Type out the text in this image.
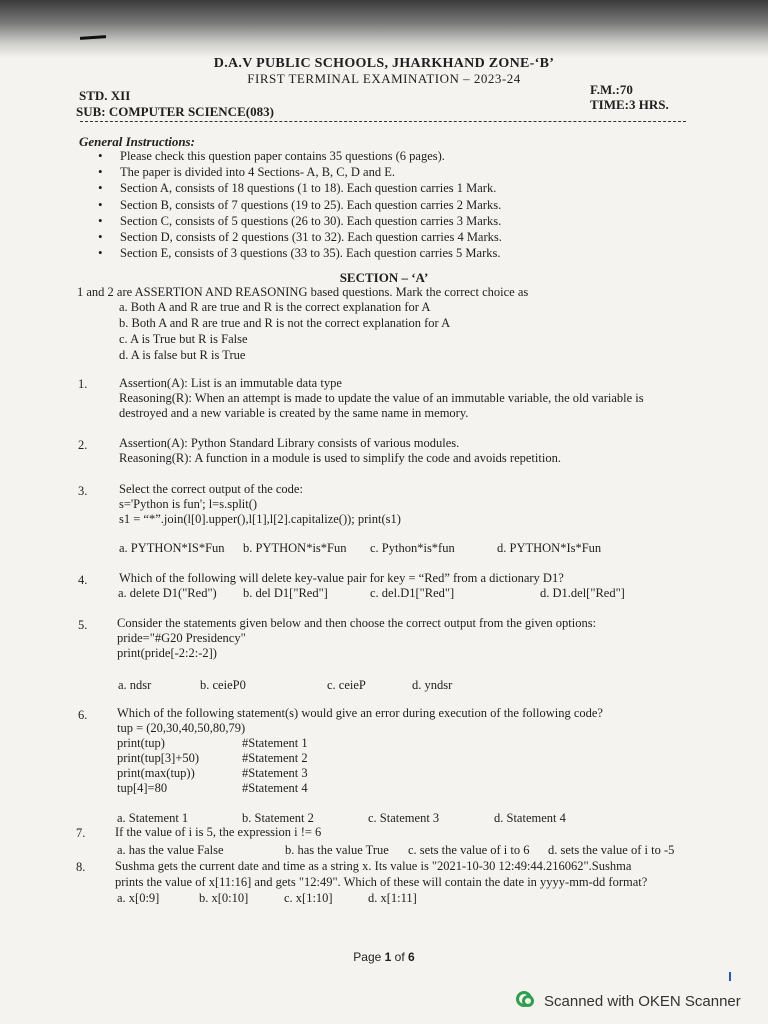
D.A.V PUBLIC SCHOOLS, JHARKHAND ZONE-‘B’
FIRST TERMINAL EXAMINATION – 2023-24
STD. XII
SUB: COMPUTER SCIENCE(083)
F.M.:70
TIME:3 HRS.
General Instructions:
• Please check this question paper contains 35 questions (6 pages).
• The paper is divided into 4 Sections- A, B, C, D and E.
• Section A, consists of 18 questions (1 to 18). Each question carries 1 Mark.
• Section B, consists of 7 questions (19 to 25). Each question carries 2 Marks.
• Section C, consists of 5 questions (26 to 30). Each question carries 3 Marks.
• Section D, consists of 2 questions (31 to 32). Each question carries 4 Marks.
• Section E, consists of 3 questions (33 to 35). Each question carries 5 Marks.
SECTION – ‘A’
1 and 2 are ASSERTION AND REASONING based questions. Mark the correct choice as
a. Both A and R are true and R is the correct explanation for A
b. Both A and R are true and R is not the correct explanation for A
c. A is True but R is False
d. A is false but R is True
1.	Assertion(A): List is an immutable data type
Reasoning(R): When an attempt is made to update the value of an immutable variable, the old variable is
destroyed and a new variable is created by the same name in memory.
2.	Assertion(A): Python Standard Library consists of various modules.
Reasoning(R): A function in a module is used to simplify the code and avoids repetition.
3.	Select the correct output of the code:
s='Python is fun'; l=s.split()
s1 = “*”.join(l[0].upper(),l[1],l[2].capitalize()); print(s1)
a. PYTHON*IS*Fun b. PYTHON*is*Fun c. Python*is*fun	d. PYTHON*Is*Fun
4.	Which of the following will delete key-value pair for key = “Red” from a dictionary D1?
a. delete D1("Red") b. del D1["Red"]	c. del.D1["Red"]	d. D1.del["Red"]
5. Consider the statements given below and then choose the correct output from the given options:
pride="#G20 Presidency"
print(pride[-2:2:-2])
a. ndsr	b. ceieP0	c. ceieP	d. yndsr
6. Which of the following statement(s) would give an error during execution of the following code?
tup = (20,30,40,50,80,79)
print(tup)	#Statement 1
print(tup[3]+50)	#Statement 2
print(max(tup))	#Statement 3
tup[4]=80	#Statement 4
a. Statement 1	b. Statement 2	c. Statement 3	d. Statement 4
7. If the value of i is 5, the expression i != 6
a. has the value False	b. has the value True c. sets the value of i to 6 d. sets the value of i to -5
8. Sushma gets the current date and time as a string x. Its value is "2021-10-30 12:49:44.216062".Sushma
prints the value of x[11:16] and gets "12:49". Which of these will contain the date in yyyy-mm-dd format?
a. x[0:9]	b. x[0:10]	c. x[1:10]	d. x[1:11]
Page 1 of 6
Scanned with OKEN Scanner
